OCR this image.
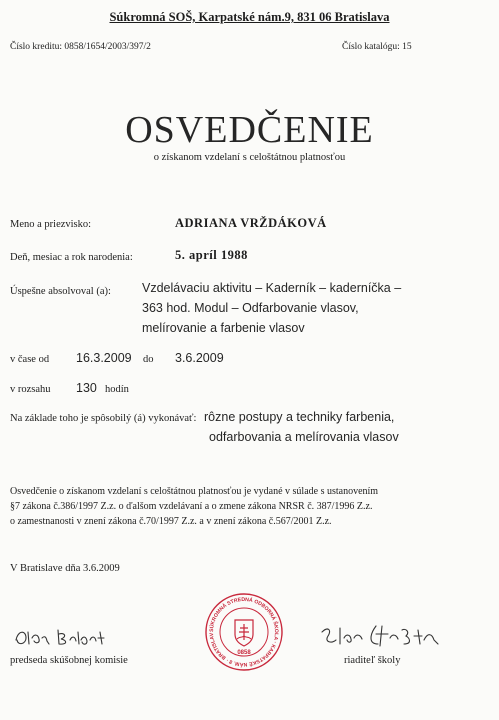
Súkromná SOŠ, Karpatské nám.9, 831 06 Bratislava
Číslo kreditu: 0858/1654/2003/397/2	Číslo katalógu: 15
OSVEDČENIE
o získanom vzdelaní s celoštátnou platnosťou
Meno a priezvisko:	ADRIANA VRŽDÁKOVÁ
Deň, mesiac a rok narodenia:	5. apríl 1988
Úspešne absolvoval (a): Vzdelávaciu aktivitu – Kaderník – kaderníčka –
363 hod. Modul – Odfarbovanie vlasov,
melírovanie a farbenie vlasov
v čase od 16.3.2009 do 3.6.2009
v rozsahu 130 hodín
Na základe toho je spôsobilý (á) vykonávať: rôzne postupy a techniky farbenia,
odfarbovania a melírovania vlasov
Osvedčenie o získanom vzdelaní s celoštátnou platnosťou je vydané v súlade s ustanovením
§7 zákona č.386/1997 Z.z. o ďalšom vzdelávaní a o zmene zákona NRSR č. 387/1996 Z.z.
o zamestnanosti v znení zákona č.70/1997 Z.z. a v znení zákona č.567/2001 Z.z.
V Bratislave dňa 3.6.2009
predseda skúšobnej komisie	riaditeľ školy
SÚKROMNÁ STREDNÁ ODBORNÁ ŠKOLA · KARPATSKÉ NÁM. 8 · BRATISLAV
0858
